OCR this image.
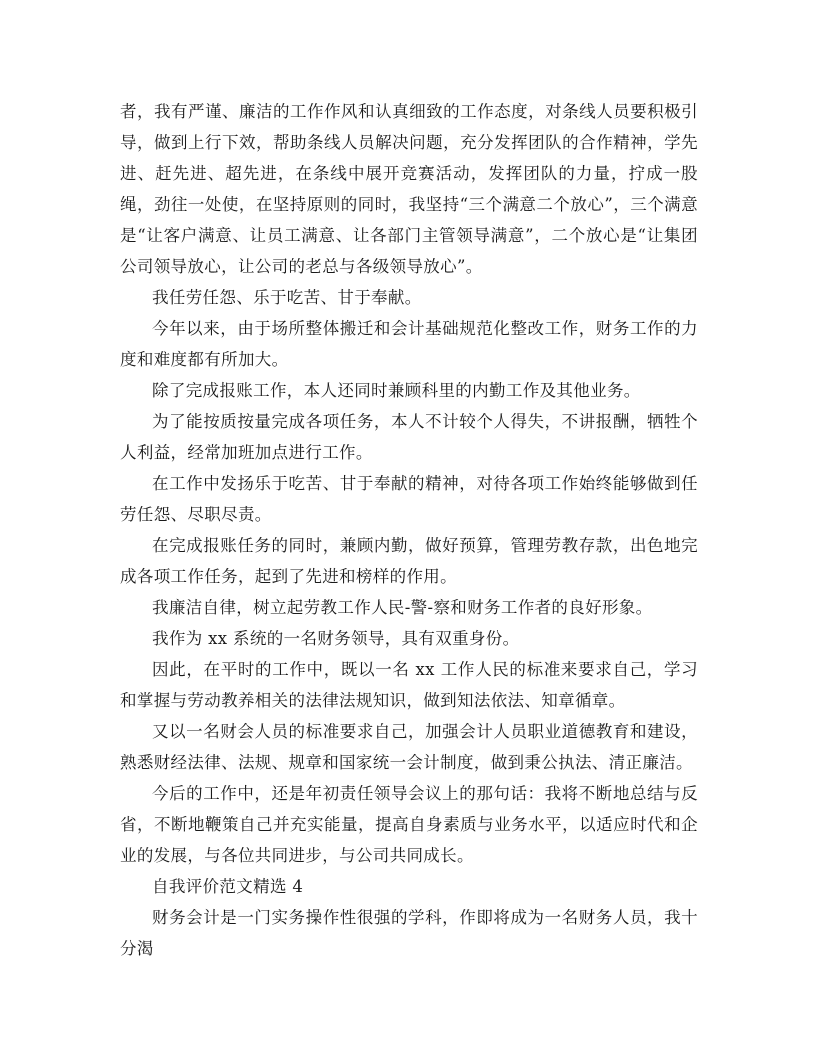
者，我有严谨、廉洁的工作作风和认真细致的工作态度，对条线人员要积极引导，做到上行下效，帮助条线人员解决问题，充分发挥团队的合作精神，学先进、赶先进、超先进，在条线中展开竞赛活动，发挥团队的力量，拧成一股绳，劲往一处使，在坚持原则的同时，我坚持“三个满意二个放心”，三个满意是“让客户满意、让员工满意、让各部门主管领导满意”，二个放心是“让集团公司领导放心，让公司的老总与各级领导放心”。

我任劳任怨、乐于吃苦、甘于奉献。

今年以来，由于场所整体搬迁和会计基础规范化整改工作，财务工作的力度和难度都有所加大。

除了完成报账工作，本人还同时兼顾科里的内勤工作及其他业务。

为了能按质按量完成各项任务，本人不计较个人得失，不讲报酬，牺牲个人利益，经常加班加点进行工作。

在工作中发扬乐于吃苦、甘于奉献的精神，对待各项工作始终能够做到任劳任怨、尽职尽责。

在完成报账任务的同时，兼顾内勤，做好预算，管理劳教存款，出色地完成各项工作任务，起到了先进和榜样的作用。

我廉洁自律，树立起劳教工作人民-警-察和财务工作者的良好形象。

我作为 xx 系统的一名财务领导，具有双重身份。

因此，在平时的工作中，既以一名 xx 工作人民的标准来要求自己，学习和掌握与劳动教养相关的法律法规知识，做到知法依法、知章循章。

又以一名财会人员的标准要求自己，加强会计人员职业道德教育和建设，熟悉财经法律、法规、规章和国家统一会计制度，做到秉公执法、清正廉洁。

今后的工作中，还是年初责任领导会议上的那句话：我将不断地总结与反省，不断地鞭策自己并充实能量，提高自身素质与业务水平，以适应时代和企业的发展，与各位共同进步，与公司共同成长。

自我评价范文精选 4

财务会计是一门实务操作性很强的学科，作即将成为一名财务人员，我十分渴
